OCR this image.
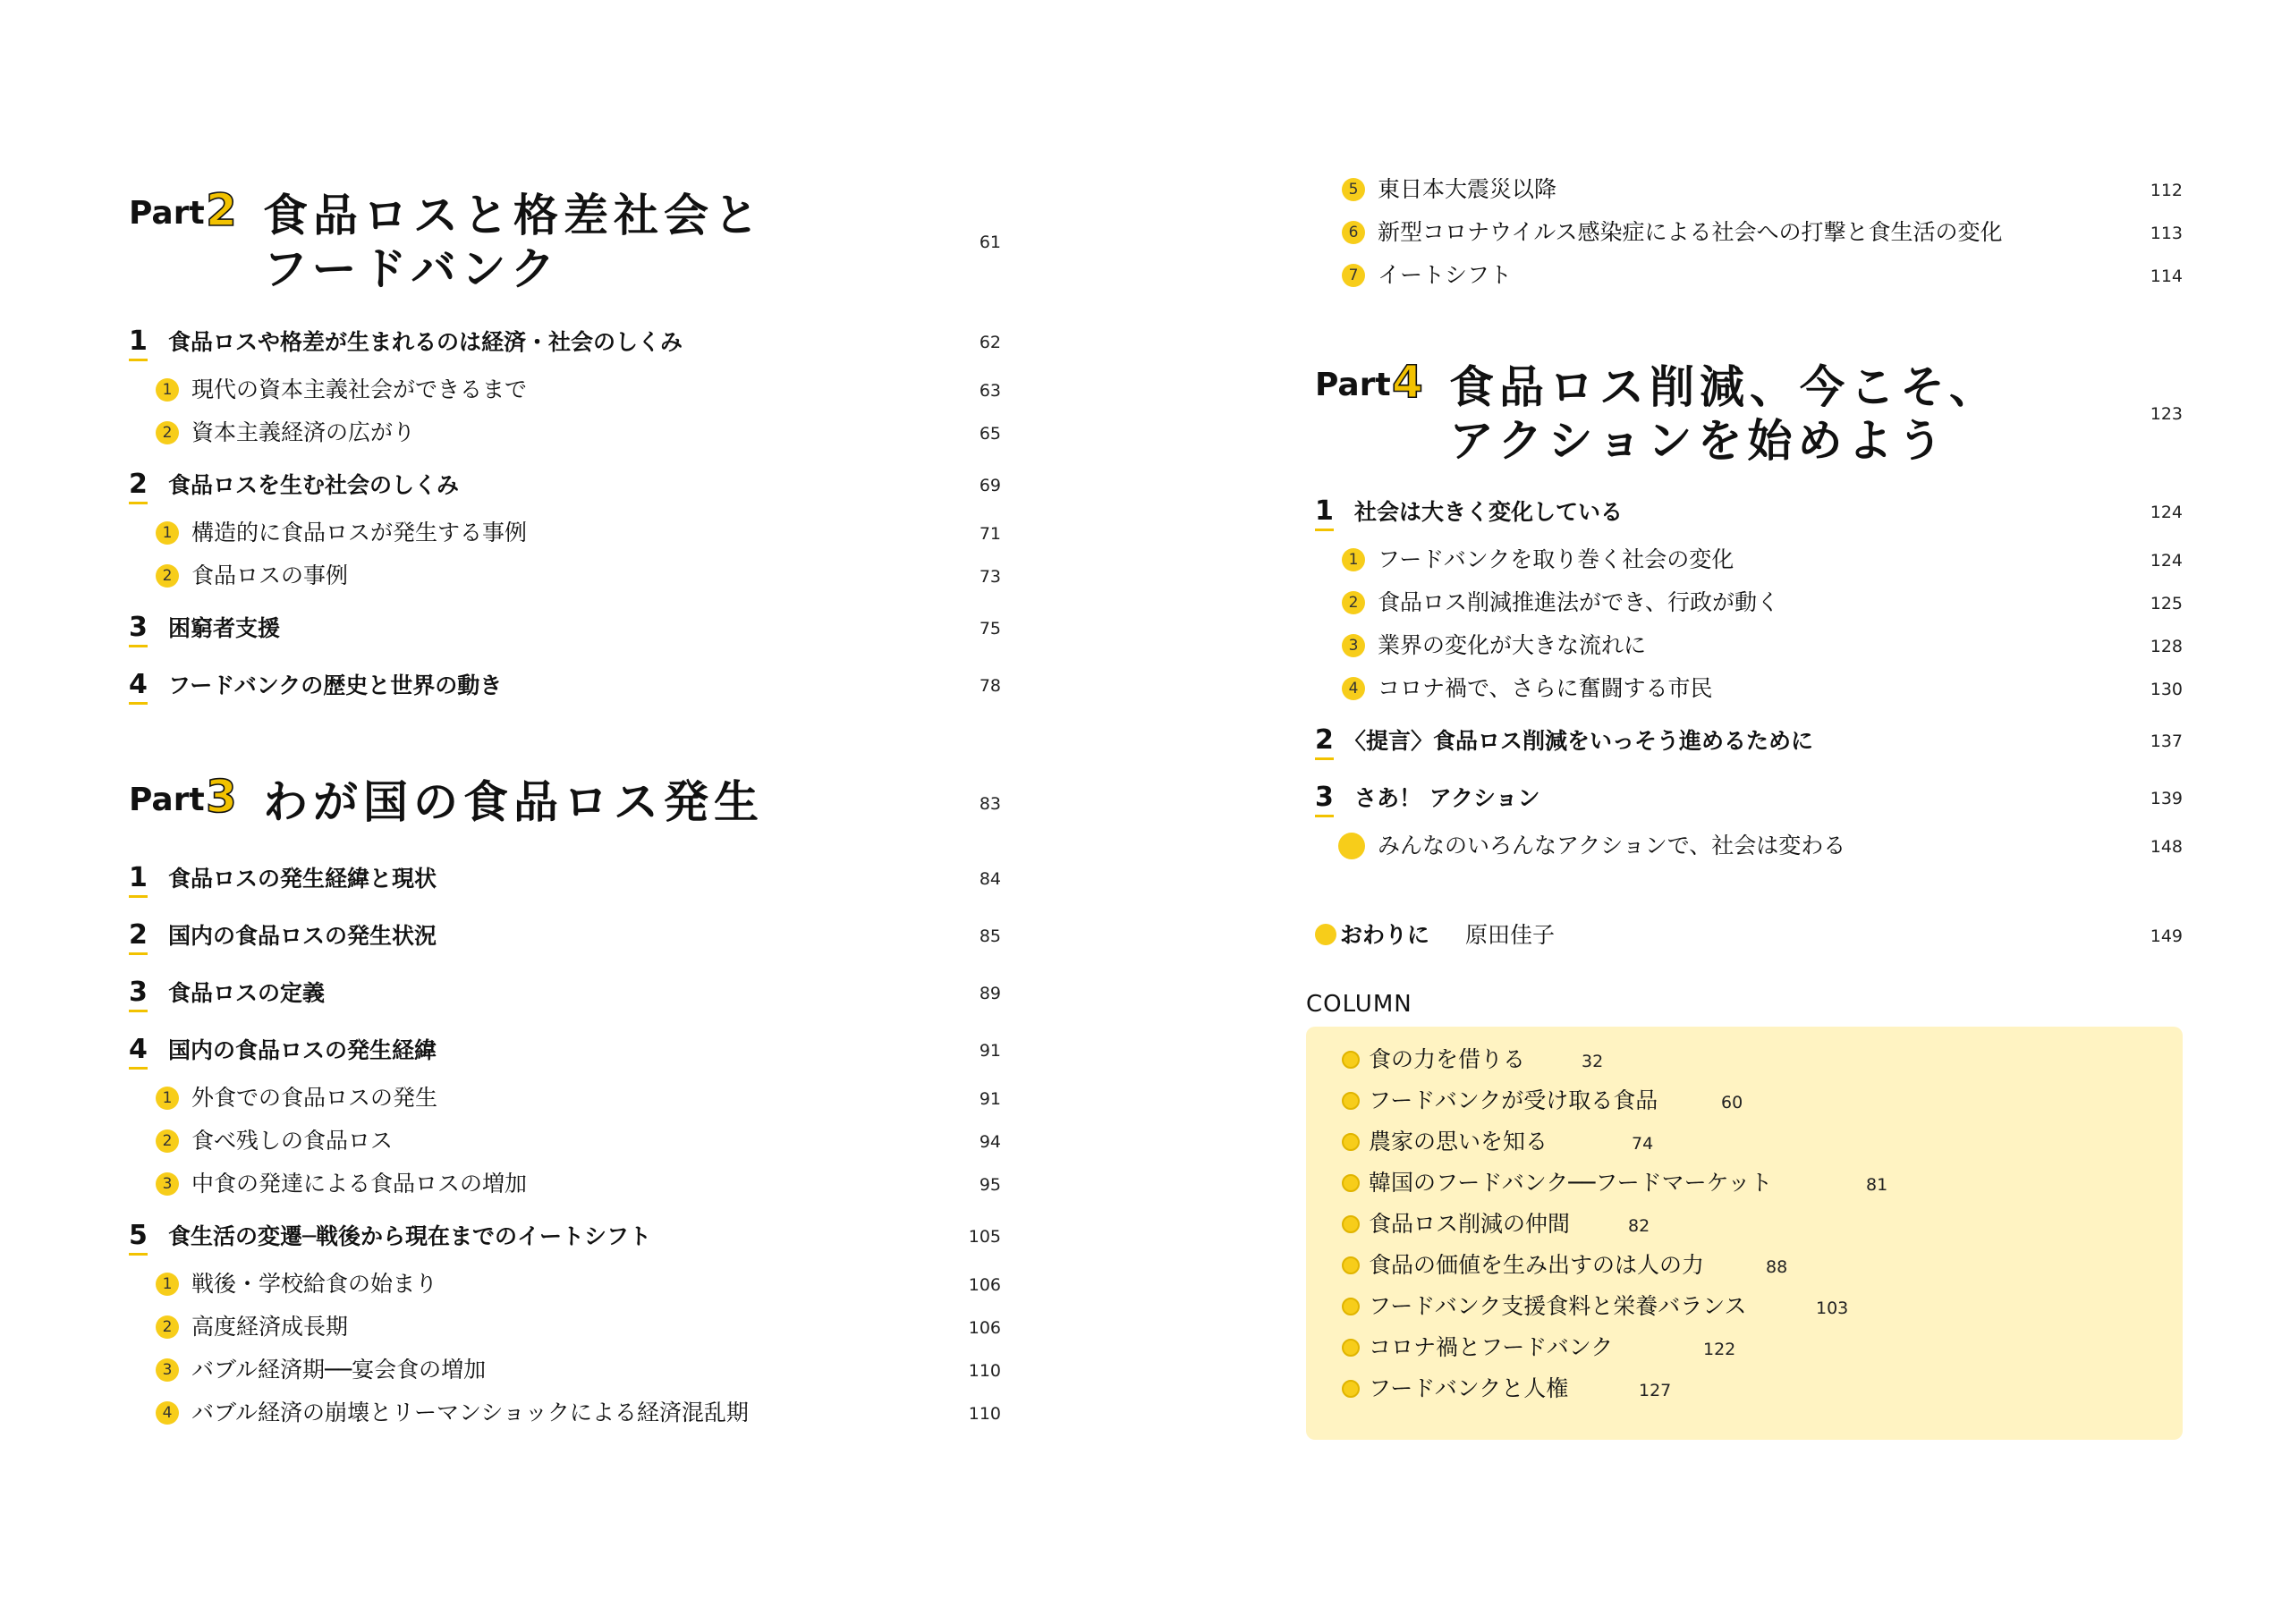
Part 2 食品ロスと格差社会と
フードバンク
61
1 食品ロスや格差が生まれるのは経済・社会のしくみ	62
1 現代の資本主義社会ができるまで	63
2 資本主義経済の広がり	65
2 食品ロスを生む社会のしくみ	69
1 構造的に食品ロスが発生する事例	71
2 食品ロスの事例	73
3 困窮者支援	75
4 フードバンクの歴史と世界の動き	78
Part 3 わが国の食品ロス発生	83
1 食品ロスの発生経緯と現状	84
2 国内の食品ロスの発生状況	85
3 食品ロスの定義	89
4 国内の食品ロスの発生経緯	91
1 外食での食品ロスの発生	91
2 食べ残しの食品ロス	94
3 中食の発達による食品ロスの増加	95
5 食生活の変遷─戦後から現在までのイートシフト	105
1 戦後・学校給食の始まり	106
2 高度経済成長期	106
3 バブル経済期──宴会食の増加	110
4 バブル経済の崩壊とリーマンショックによる経済混乱期	110
5 東日本大震災以降	112
6 新型コロナウイルス感染症による社会への打撃と食生活の変化	113
7 イートシフト	114
Part 4 食品ロス削減、今こそ、
アクションを始めよう
123
1 社会は大きく変化している	124
1 フードバンクを取り巻く社会の変化	124
2 食品ロス削減推進法ができ、行政が動く	125
3 業界の変化が大きな流れに	128
4 コロナ禍で、さらに奮闘する市民	130
2 〈提言〉食品ロス削減をいっそう進めるために	137
3 さあ！ アクション	139
みんなのいろんなアクションで、社会は変わる	148
おわりに 原田佳子	149
COLUMN
食の力を借りる	32
フードバンクが受け取る食品	60
農家の思いを知る	74
韓国のフードバンク──フードマーケット	81
食品ロス削減の仲間	82
食品の価値を生み出すのは人の力	88
フードバンク支援食料と栄養バランス	103
コロナ禍とフードバンク	122
フードバンクと人権	127
